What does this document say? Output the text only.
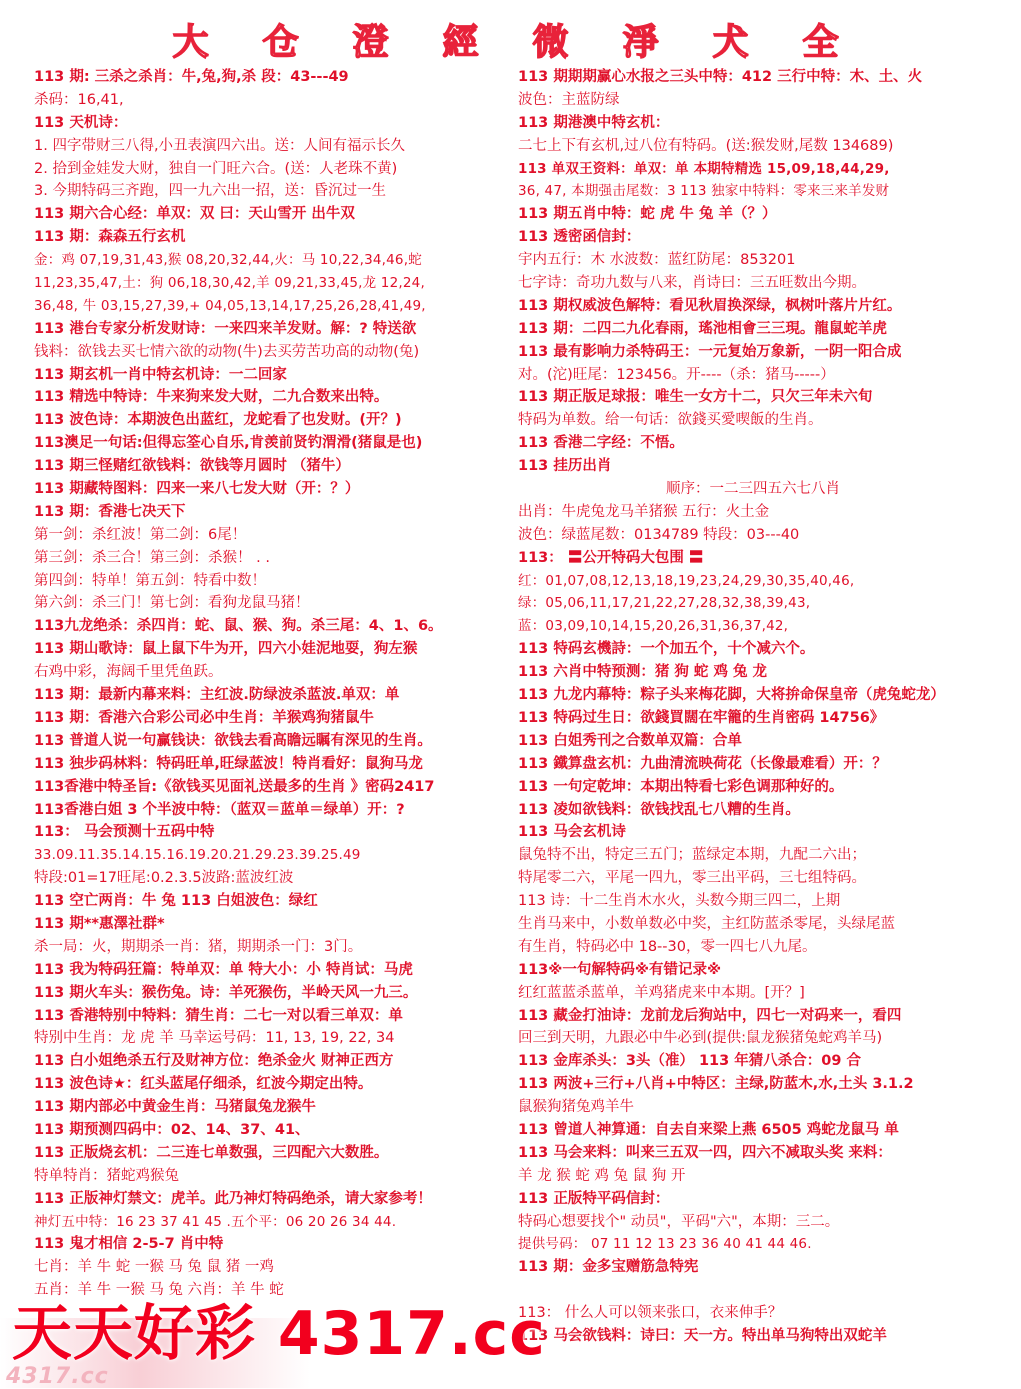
大 仓 澄 經 微 淨 犬 全
113 期: 三杀之杀肖：牛,兔,狗,杀 段：43---49
杀码：16,41,
113 天机诗：
1. 四字带财三八得,小丑表演四六出。送：人间有福示长久
2. 拾到金娃发大财，独自一门旺六合。(送：人老珠不黄)
3. 今期特码三齐跑，四一九六出一招，送：昏沉过一生
113 期六合心经：单双：双 曰：天山雪开 出牛双
113 期：森森五行玄机
金：鸡 07,19,31,43,猴 08,20,32,44,火：马 10,22,34,46,蛇
11,23,35,47,土：狗 06,18,30,42,羊 09,21,33,45,龙 12,24,
36,48, 牛 03,15,27,39,+ 04,05,13,14,17,25,26,28,41,49,
113 港台专家分析发财诗：一来四来羊发财。解：? 特送欲
钱料：欲钱去买七情六欲的动物(牛)去买劳苦功高的动物(兔)
113 期玄机一肖中特玄机诗：一二回家
113 精选中特诗：牛来狗来发大财，二九合数来出特。
113 波色诗：本期波色出蓝红，龙蛇看了也发财。(开？)
113澳足一句话:但得忘筌心自乐,肯羡前贤钓渭滑(猪鼠是也)
113 期三怪赌红欲钱料：欲钱等月圆时 （猪牛）
113 期藏特图料：四来一来八七发大财（开：？）
113 期：香港七决天下
第一剑：杀红波！第二剑：6尾！
第三剑：杀三合！第三剑：杀猴！ . .
第四剑：特单！第五剑：特看中数！
第六剑：杀三门！第七剑：看狗龙鼠马猪！
113九龙绝杀：杀四肖：蛇、鼠、猴、狗。杀三尾：4、1、6。
113 期山歌诗：鼠上鼠下牛为开，四六小娃泥地耍，狗左猴
右鸡中彩，海阔千里凭鱼跃。
113 期：最新内幕来料：主红波.防绿波杀蓝波.单双：单
113 期：香港六合彩公司必中生肖：羊猴鸡狗猪鼠牛
113 普道人说一句赢钱诀：欲钱去看高瞻远瞩有深见的生肖。
113 独步码林料：特码旺单,旺绿蓝波！特肖看好：鼠狗马龙
113香港中特圣旨:《欲钱买见面礼送最多的生肖 》密码2417
113香港白姐 3 个半波中特：（蓝双＝蓝单＝绿单）开：?
113： 马会预测十五码中特
33.09.11.35.14.15.16.19.20.21.29.23.39.25.49
特段:01=17旺尾:0.2.3.5波路:蓝波红波
113 空亡两肖：牛 兔 113 白姐波色：绿红
113 期**惠澤社群*
杀一局：火，期期杀一肖：猪，期期杀一门：3门。
113 我为特码狂篇：特单双：单 特大小：小 特肖试：马虎
113 期火车头：猴伤兔。诗：羊死猴伤，半岭天风一九三。
113 香港特别中特料：猜生肖：二七一对以看三单双：单
特别中生肖：龙 虎 羊 马幸运号码：11, 13, 19, 22, 34
113 白小姐绝杀五行及财神方位：绝杀金火 财神正西方
113 波色诗★：红头蓝尾仔细杀，红波今期定出特。
113 期内部必中黄金生肖：马猪鼠兔龙猴牛
113 期预测四码中：02、14、37、41、
113 正版烧玄机：二三连七单数强，三四配六大数胜。
特单特肖：猪蛇鸡猴兔
113 正版神灯禁文：虎羊。此乃神灯特码绝杀，请大家参考！
神灯五中特：16 23 37 41 45 .五个平：06 20 26 34 44.
113 鬼才相信 2-5-7 肖中特
七肖：羊 牛 蛇 一猴 马 兔 鼠 猪 一鸡
五肖：羊 牛 一猴 马 兔 六肖：羊 牛 蛇
113 期期期赢心水报之三头中特：412 三行中特：木、土、火
波色：主蓝防绿
113 期港澳中特玄机：
二七上下有玄机,过八位有特码。(送:猴发财,尾数 134689)
113 单双王资料：单双：单 本期特精选 15,09,18,44,29,
36, 47, 本期强击尾数：3 113 独家中特料：零来三来羊发财
113 期五肖中特：蛇 虎 牛 兔 羊（？）
113 透密函信封：
宇内五行：木 水波数：蓝红防尾：853201
七字诗：奇功九数与八来，肖诗曰：三五旺数出今期。
113 期权威波色解特：看见秋眉换深绿，枫树叶落片片红。
113 期：二四二九化春雨，瑤池相會三三現。龍鼠蛇羊虎
113 最有影响力杀特码王：一元复始万象新，一阴一阳合成
对。(沱)旺尾：123456。开----（杀：猪马-----）
113 期正版足球报：唯生一女方十二，只欠三年未六旬
特码为单数。给一句话：欲錢买愛喫飯的生肖。
113 香港二字经：不悟。
113 挂历出肖
顺序：一二三四五六七八肖
出肖：牛虎兔龙马羊猪猴 五行：火土金
波色：绿蓝尾数：0134789 特段：03---40
113： 〓公开特码大包围 〓
红：01,07,08,12,13,18,19,23,24,29,30,35,40,46,
绿：05,06,11,17,21,22,27,28,32,38,39,43,
蓝：03,09,10,14,15,20,26,31,36,37,42,
113 特码玄機詩：一个加五个，十个减六个。
113 六肖中特预测：猪 狗 蛇 鸡 兔 龙
113 九龙内幕特：粽子头来梅花脚，大将拚命保皇帝（虎兔蛇龙）
113 特码过生日：欲錢買闊在牢籠的生肖密码 14756》
113 白姐秀刊之合数单双篇：合单
113 鐵算盘玄机：九曲清流映荷花（长像最难看）开：？
113 一句定乾坤：本期出特看七彩色调那种好的。
113 凌如欲钱料：欲钱找乱七八糟的生肖。
113 马会玄机诗
鼠兔特不出，特定三五门；蓝绿定本期，九配二六出；
特尾零二六，平尾一四九，零三出平码，三七组特码。
113 诗：十二生肖木水火，头数今期三四二，上期
生肖马来中，小数单数必中奖，主红防蓝杀零尾，头绿尾蓝
有生肖，特码必中 18--30，零一四七八九尾。
113※一句解特码※有错记录※
红红蓝蓝杀蓝单，羊鸡猪虎来中本期。[开？]
113 藏金打油诗：龙前龙后狗站中，四七一对码来一，看四
回三到天明，九跟必中牛必到(提供:鼠龙猴猪兔蛇鸡羊马)
113 金库杀头：3头（准） 113 年猜八杀合：09 合
113 两波+三行+八肖+中特区：主绿,防蓝木,水,土头 3.1.2
鼠猴狗猪兔鸡羊牛
113 曾道人神算通：自去自来梁上燕 6505 鸡蛇龙鼠马 单
113 马会来料：叫来三五双一四，四六不减取头奖 来料：
羊 龙 猴 蛇 鸡 兔 鼠 狗 开
113 正版特平码信封：
特码心想要找个" 动员"，平码"六"，本期：三二。
提供号码： 07 11 12 13 23 36 40 41 44 46.
113 期：金多宝赠筋急特宪
113： 什么人可以领来张口，衣来伸手？
113 马会欲钱料：诗曰：天一方。特出单马狗特出双蛇羊
4317.cc
天天好彩 4317.cc
